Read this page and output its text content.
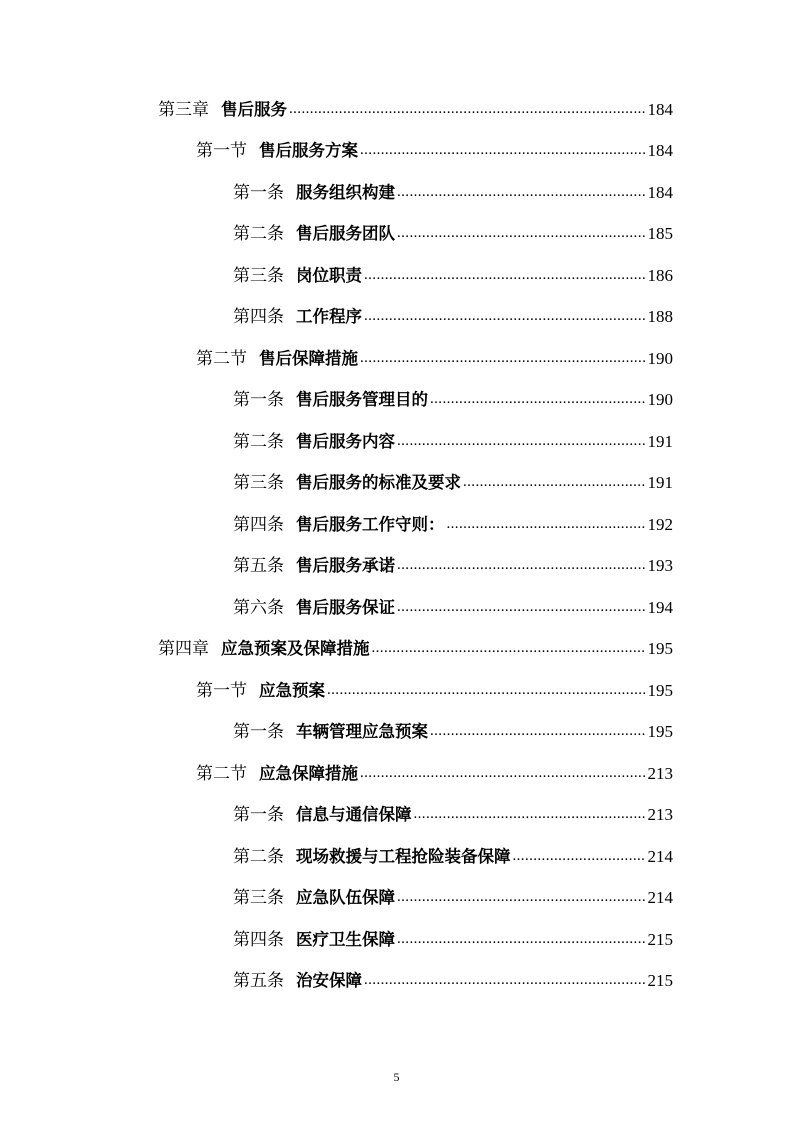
第三章 售后服务 .....	184
第一节 售后服务方案 .....	184
第一条 服务组织构建 .....	184
第二条 售后服务团队 .....	185
第三条 岗位职责 .....	186
第四条 工作程序 .....	188
第二节 售后保障措施 .....	190
第一条 售后服务管理目的 .....	190
第二条 售后服务内容 .....	191
第三条 售后服务的标准及要求 .....	191
第四条 售后服务工作守则： .....	192
第五条 售后服务承诺 .....	193
第六条 售后服务保证 .....	194
第四章 应急预案及保障措施 .....	195
第一节 应急预案 .....	195
第一条 车辆管理应急预案 .....	195
第二节 应急保障措施 .....	213
第一条 信息与通信保障 .....	213
第二条 现场救援与工程抢险装备保障 .....	214
第三条 应急队伍保障 .....	214
第四条 医疗卫生保障 .....	215
第五条 治安保障 .....	215
5
